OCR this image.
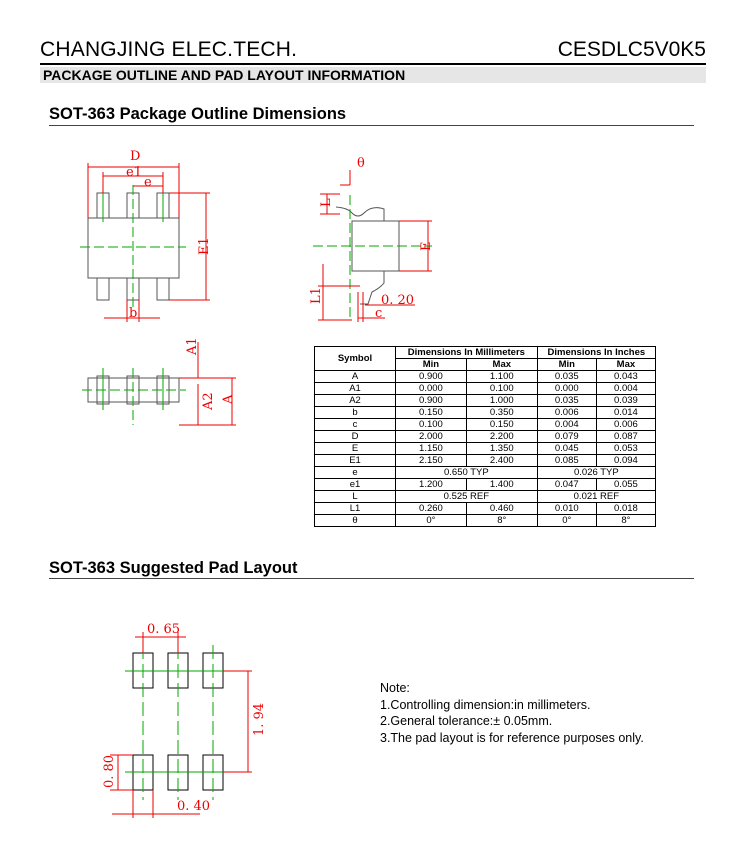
CHANGJING ELEC.TECH.	CESDLC5V0K5
PACKAGE OUTLINE AND PAD LAYOUT INFORMATION
SOT-363 Package Outline Dimensions
D
e1
e
E1
b
θ
L
E
L1
c
0. 20
A1
A2 A
0. 65
1. 94
0. 80
0. 40
Symbol	Dimensions In Millimeters		Dimensions In Inches	
	Min	Max	Min	Max
A	0.900	1.100	0.035	0.043
A1	0.000	0.100	0.000	0.004
A2	0.900	1.000	0.035	0.039
b	0.150	0.350	0.006	0.014
c	0.100	0.150	0.004	0.006
D	2.000	2.200	0.079	0.087
E	1.150	1.350	0.045	0.053
E1	2.150	2.400	0.085	0.094
e	0.650 TYP		0.026 TYP	
e1	1.200	1.400	0.047	0.055
L	0.525 REF		0.021 REF	
L1	0.260	0.460	0.010	0.018
θ	0°	8°	0°	8°
SOT-363 Suggested Pad Layout
Note:
1.Controlling dimension:in millimeters.
2.General tolerance:± 0.05mm.
3.The pad layout is for reference purposes only.
